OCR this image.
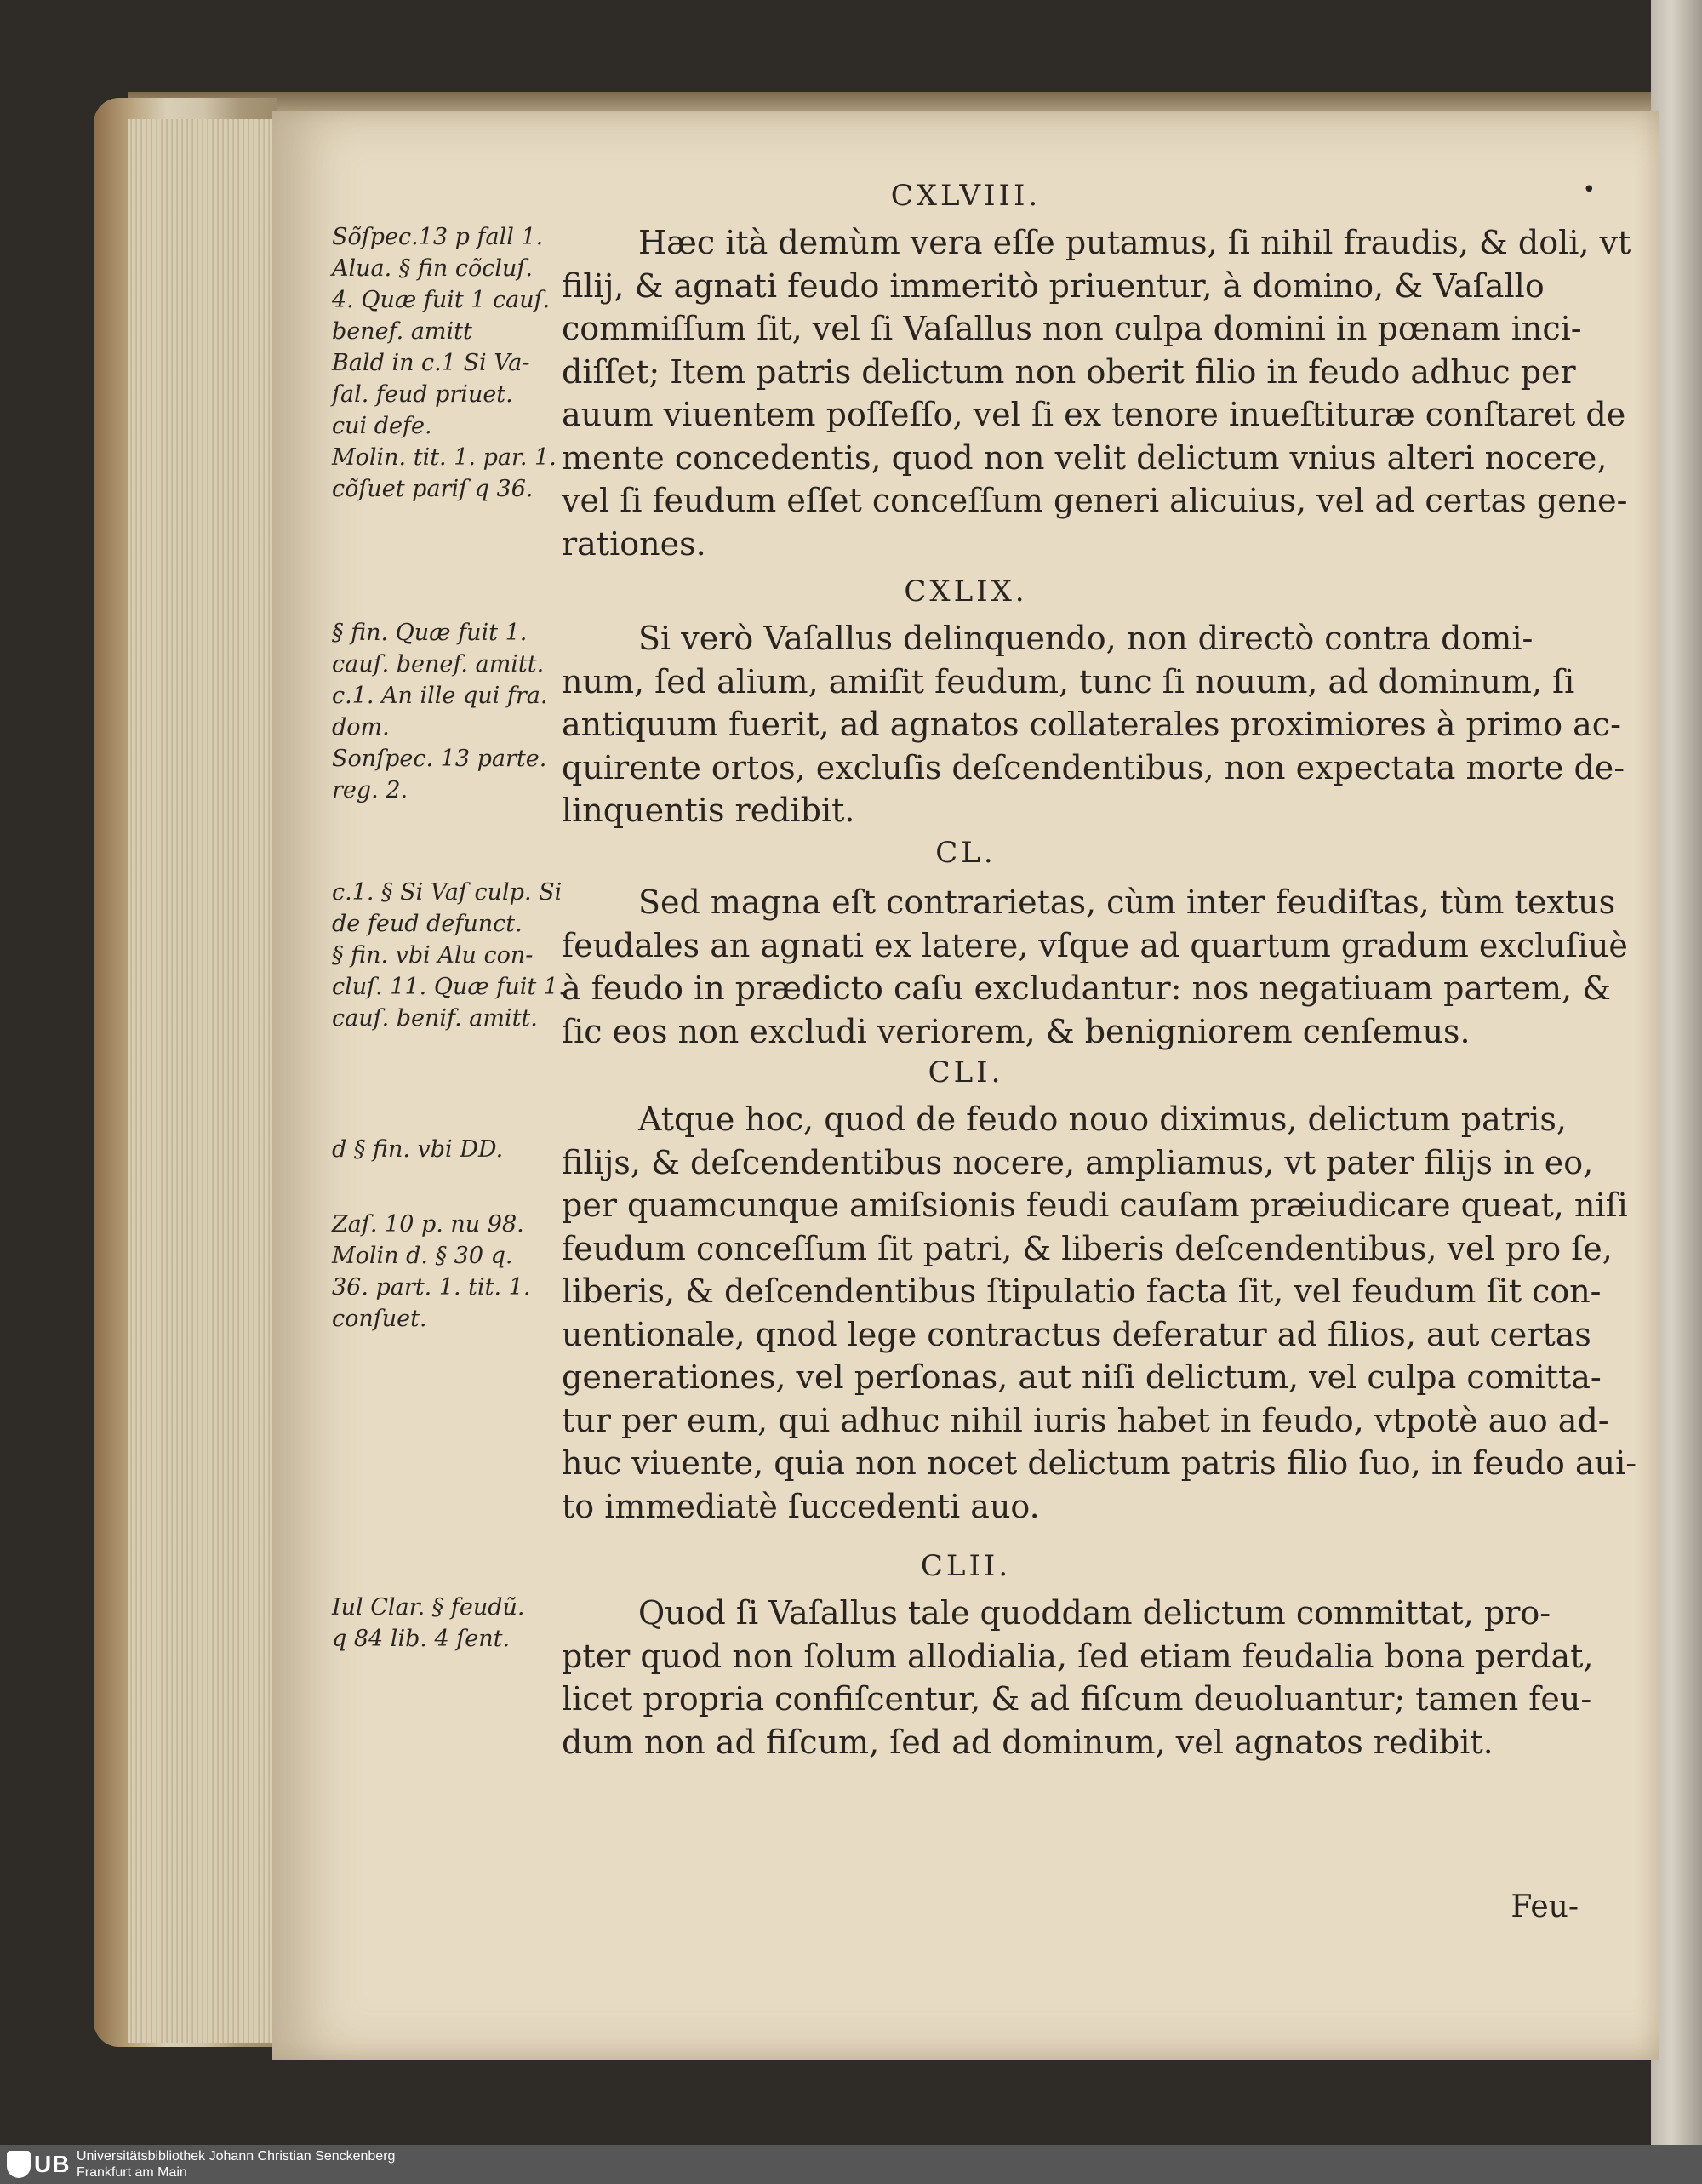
•
CXLVIII.
Sõſpec.13 p fall 1.
Alua. § fin cõcluſ.
4. Quæ fuit 1 cauſ.
benef. amitt
Bald in c.1 Si Va-
ſal. feud priuet.
cui defe.
Molin. tit. 1. par. 1.
cõſuet pariſ q 36.
Hæc ità demùm vera eſſe putamus, ſi nihil fraudis, & doli, vt
filij, & agnati feudo immeritò priuentur, à domino, & Vaſallo
commiſſum ſit, vel ſi Vaſallus non culpa domini in pœnam inci-
diſſet; Item patris delictum non oberit filio in feudo adhuc per
auum viuentem poſſeſſo, vel ſi ex tenore inueſtituræ conſtaret de
mente concedentis, quod non velit delictum vnius alteri nocere,
vel ſi feudum eſſet conceſſum generi alicuius, vel ad certas gene-
rationes.
CXLIX.
§ fin. Quæ fuit 1.
cauſ. benef. amitt.
c.1. An ille qui fra.
dom.
Sonſpec. 13 parte.
reg. 2.
Si verò Vaſallus delinquendo, non directò contra domi-
num, ſed alium, amiſit feudum, tunc ſi nouum, ad dominum, ſi
antiquum fuerit, ad agnatos collaterales proximiores à primo ac-
quirente ortos, excluſis deſcendentibus, non expectata morte de-
linquentis redibit.
CL.
c.1. § Si Vaſ culp. Si
de feud defunct.
§ fin. vbi Alu con-
cluſ. 11. Quæ fuit 1.
cauſ. benif. amitt.
Sed magna eſt contrarietas, cùm inter feudiſtas, tùm textus
feudales an agnati ex latere, vſque ad quartum gradum excluſiuè
à feudo in prædicto caſu excludantur: nos negatiuam partem, &
ſic eos non excludi veriorem, & benigniorem cenſemus.
CLI.
d § fin. vbi DD.
Zaſ. 10 p. nu 98.
Molin d. § 30 q.
36. part. 1. tit. 1.
conſuet.
Atque hoc, quod de feudo nouo diximus, delictum patris,
filijs, & deſcendentibus nocere, ampliamus, vt pater filijs in eo,
per quamcunque amiſsionis feudi cauſam præiudicare queat, niſi
feudum conceſſum ſit patri, & liberis deſcendentibus, vel pro ſe,
liberis, & deſcendentibus ſtipulatio facta ſit, vel feudum ſit con-
uentionale, qnod lege contractus deferatur ad filios, aut certas
generationes, vel perſonas, aut niſi delictum, vel culpa comitta-
tur per eum, qui adhuc nihil iuris habet in feudo, vtpotè auo ad-
huc viuente, quia non nocet delictum patris filio ſuo, in feudo aui-
to immediatè ſuccedenti auo.
CLII.
Iul Clar. § feudũ.
q 84 lib. 4 ſent.
Quod ſi Vaſallus tale quoddam delictum committat, pro-
pter quod non ſolum allodialia, ſed etiam feudalia bona perdat,
licet propria confiſcentur, & ad fiſcum deuoluantur; tamen feu-
dum non ad fiſcum, ſed ad dominum, vel agnatos redibit.
Feu-
UB Universitätsbibliothek Johann Christian Senckenberg
Frankfurt am Main
